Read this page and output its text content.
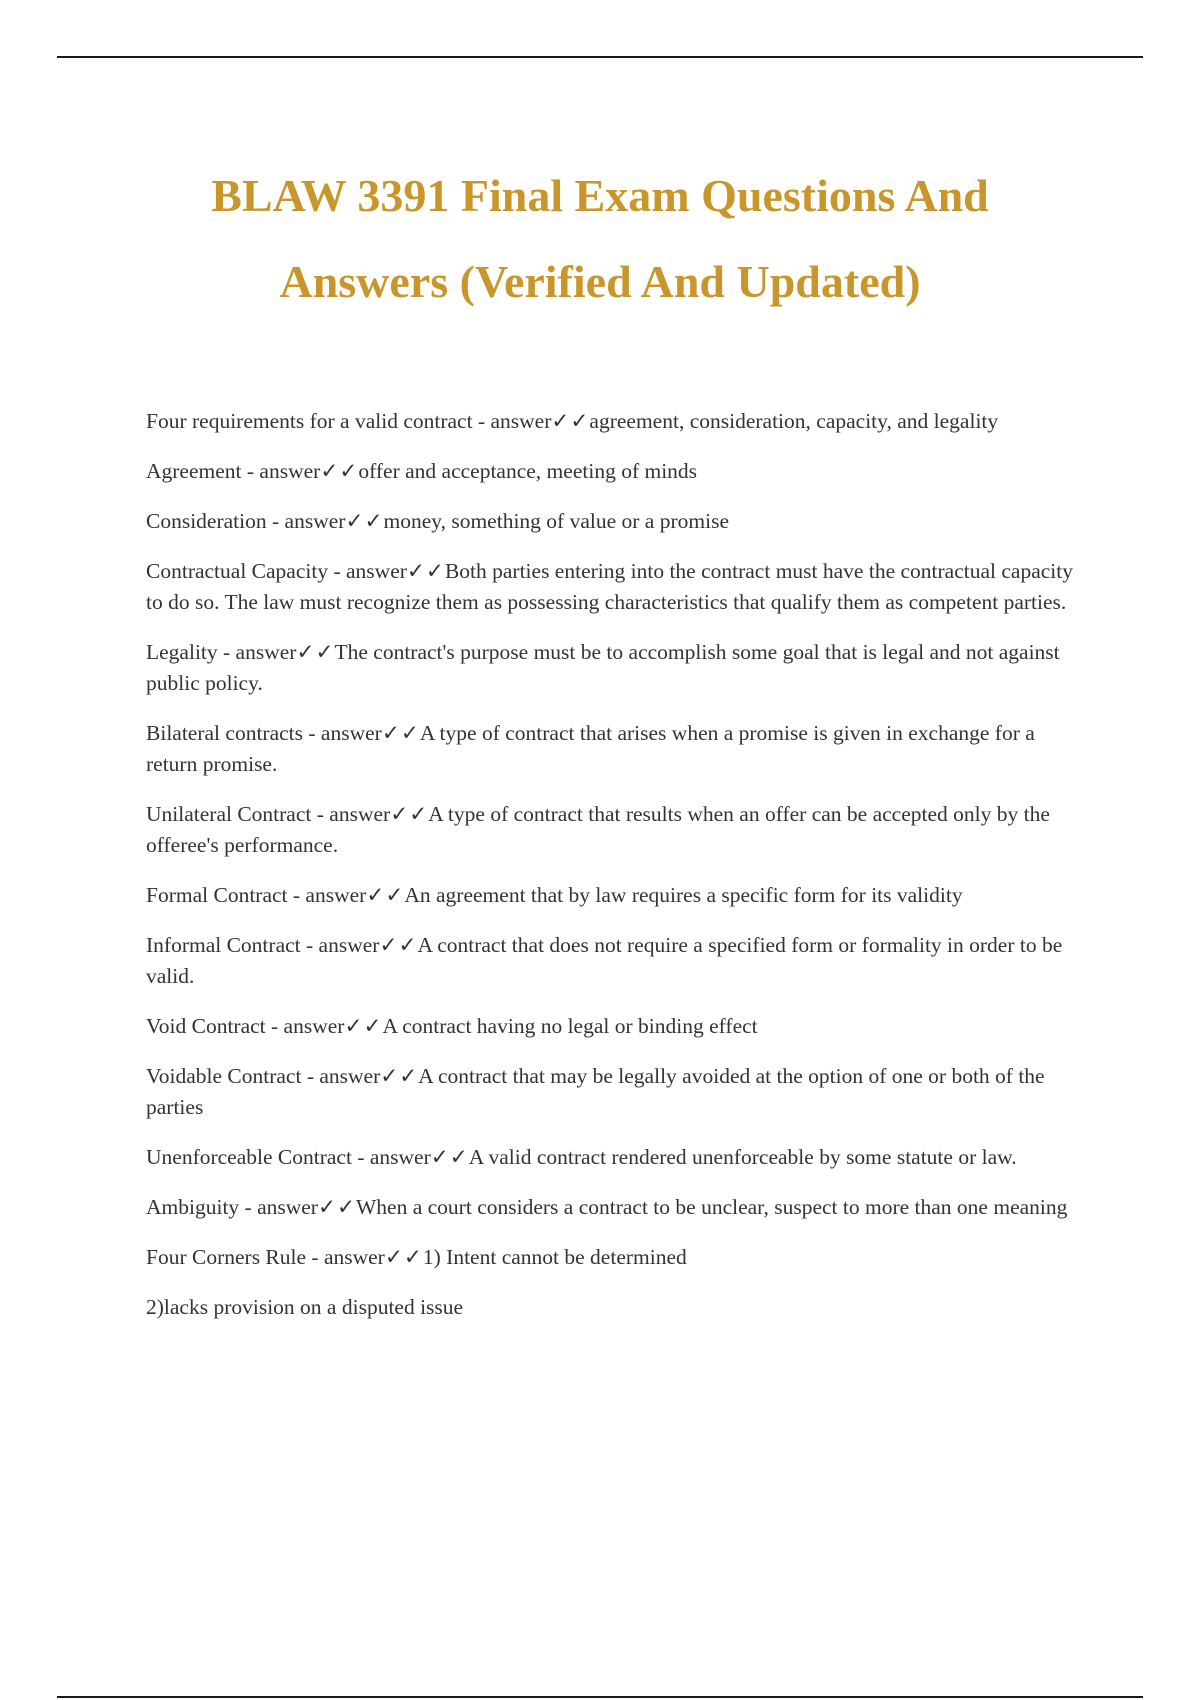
BLAW 3391 Final Exam Questions And
Answers (Verified And Updated)

Four requirements for a valid contract - answer✓✓agreement, consideration, capacity, and legality

Agreement - answer✓✓offer and acceptance, meeting of minds

Consideration - answer✓✓money, something of value or a promise

Contractual Capacity - answer✓✓Both parties entering into the contract must have the contractual capacity to do so. The law must recognize them as possessing characteristics that qualify them as competent parties.

Legality - answer✓✓The contract's purpose must be to accomplish some goal that is legal and not against public policy.

Bilateral contracts - answer✓✓A type of contract that arises when a promise is given in exchange for a return promise.

Unilateral Contract - answer✓✓A type of contract that results when an offer can be accepted only by the offeree's performance.

Formal Contract - answer✓✓An agreement that by law requires a specific form for its validity

Informal Contract - answer✓✓A contract that does not require a specified form or formality in order to be valid.

Void Contract - answer✓✓A contract having no legal or binding effect

Voidable Contract - answer✓✓A contract that may be legally avoided at the option of one or both of the parties

Unenforceable Contract - answer✓✓A valid contract rendered unenforceable by some statute or law.

Ambiguity - answer✓✓When a court considers a contract to be unclear, suspect to more than one meaning

Four Corners Rule - answer✓✓1) Intent cannot be determined

2)lacks provision on a disputed issue
